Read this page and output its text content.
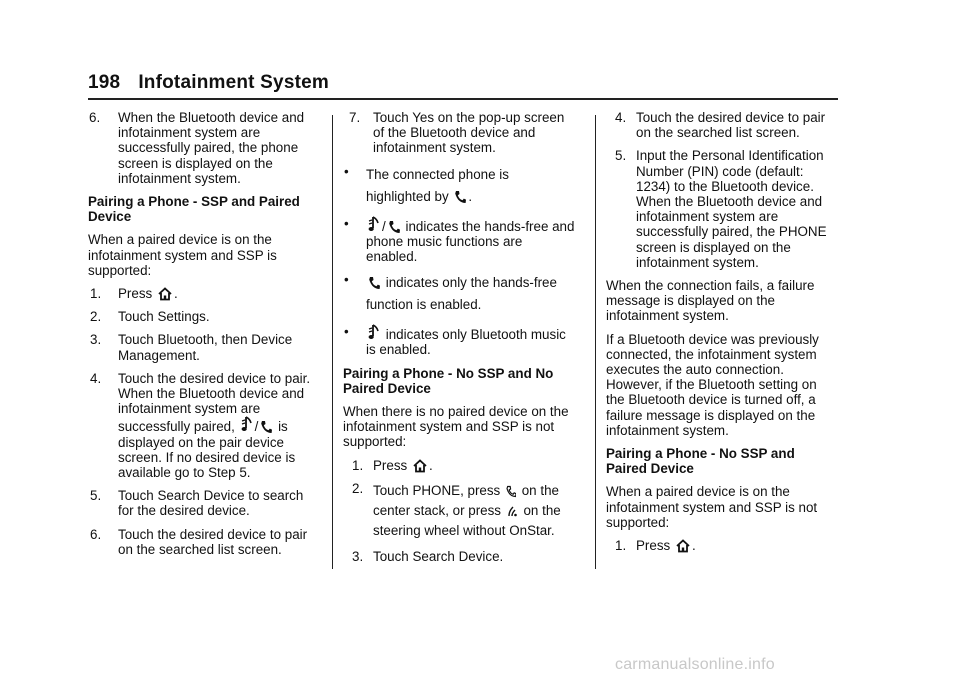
198 Infotainment System
6.	When the Bluetooth device and infotainment system are successfully paired, the phone screen is displayed on the infotainment system.
Pairing a Phone - SSP and Paired Device
When a paired device is on the infotainment system and SSP is supported:
1.	Press .
2.	Touch Settings.
3.	Touch Bluetooth, then Device Management.
4.	Touch the desired device to pair. When the Bluetooth device and infotainment system are successfully paired, / is displayed on the pair device screen. If no desired device is available go to Step 5.
5.	Touch Search Device to search for the desired device.
6.	Touch the desired device to pair on the searched list screen.
7. Touch Yes on the pop-up screen of the Bluetooth device and infotainment system.
•	The connected phone is highlighted by .
•	/ indicates the hands-free and phone music functions are enabled.
•	indicates only the hands-free function is enabled.
•	indicates only Bluetooth music is enabled.
Pairing a Phone - No SSP and No Paired Device
When there is no paired device on the infotainment system and SSP is not supported:
1. Press .
2. Touch PHONE, press on the center stack, or press on the steering wheel without OnStar.
3. Touch Search Device.
4. Touch the desired device to pair on the searched list screen.
5. Input the Personal Identification Number (PIN) code (default: 1234) to the Bluetooth device. When the Bluetooth device and infotainment system are successfully paired, the PHONE screen is displayed on the infotainment system.
When the connection fails, a failure message is displayed on the infotainment system.
If a Bluetooth device was previously connected, the infotainment system executes the auto connection. However, if the Bluetooth setting on the Bluetooth device is turned off, a failure message is displayed on the infotainment system.
Pairing a Phone - No SSP and Paired Device
When a paired device is on the infotainment system and SSP is not supported:
1. Press .
carmanualsonline.info
